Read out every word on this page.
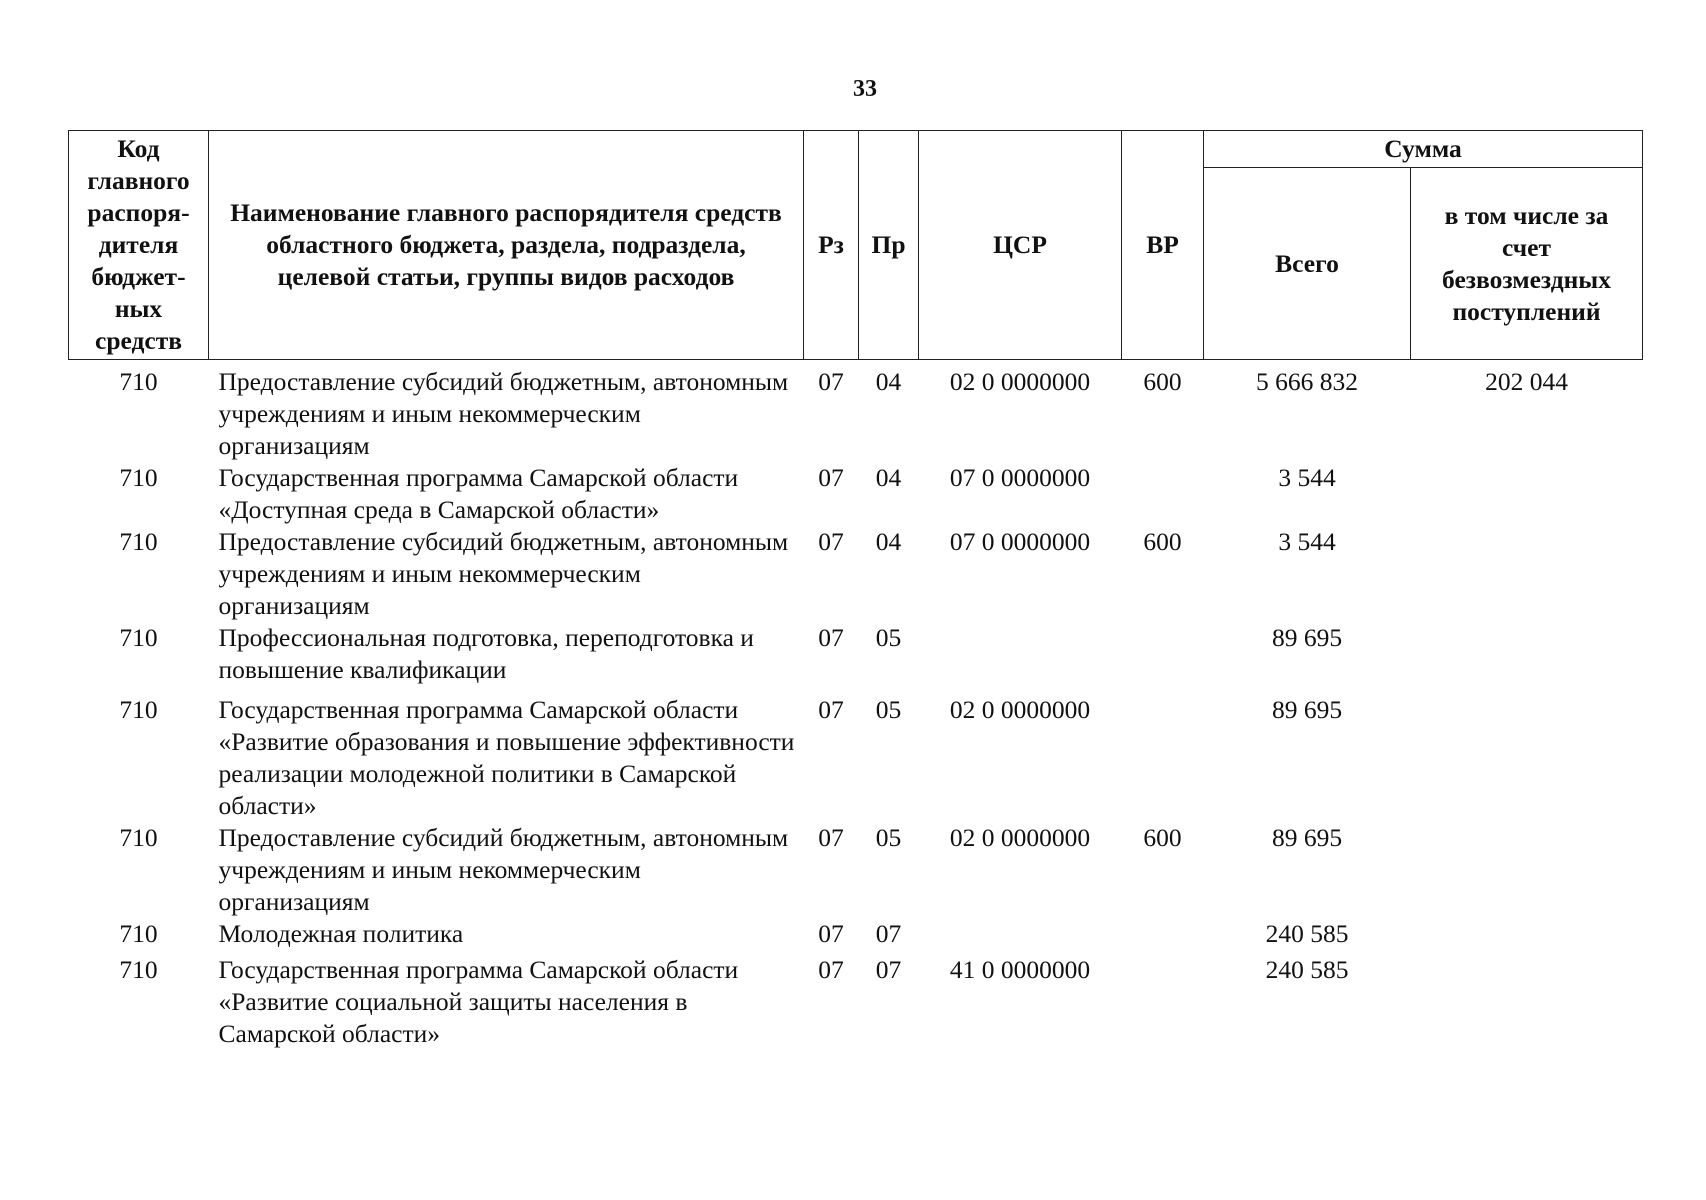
33
Код главного распоря-дителя бюджет-ных средств	Наименование главного распорядителя средств областного бюджета, раздела, подраздела, целевой статьи, группы видов расходов	Рз	Пр	ЦСР	ВР	Сумма	
						Всего	в том числе за счет безвозмездных поступлений
710	Предоставление субсидий бюджетным, автономным учреждениям и иным некоммерческим организациям	07	04	02 0 0000000	600	5 666 832	202 044
710	Государственная программа Самарской области «Доступная среда в Самарской области»	07	04	07 0 0000000		3 544	
710	Предоставление субсидий бюджетным, автономным учреждениям и иным некоммерческим организациям	07	04	07 0 0000000	600	3 544	
710	Профессиональная подготовка, переподготовка и повышение квалификации	07	05			89 695	
710	Государственная программа Самарской области «Развитие образования и повышение эффективности реализации молодежной политики в Самарской области»	07	05	02 0 0000000		89 695	
710	Предоставление субсидий бюджетным, автономным учреждениям и иным некоммерческим организациям	07	05	02 0 0000000	600	89 695	
710	Молодежная политика	07	07			240 585	
710	Государственная программа Самарской области «Развитие социальной защиты населения в Самарской области»	07	07	41 0 0000000		240 585	
